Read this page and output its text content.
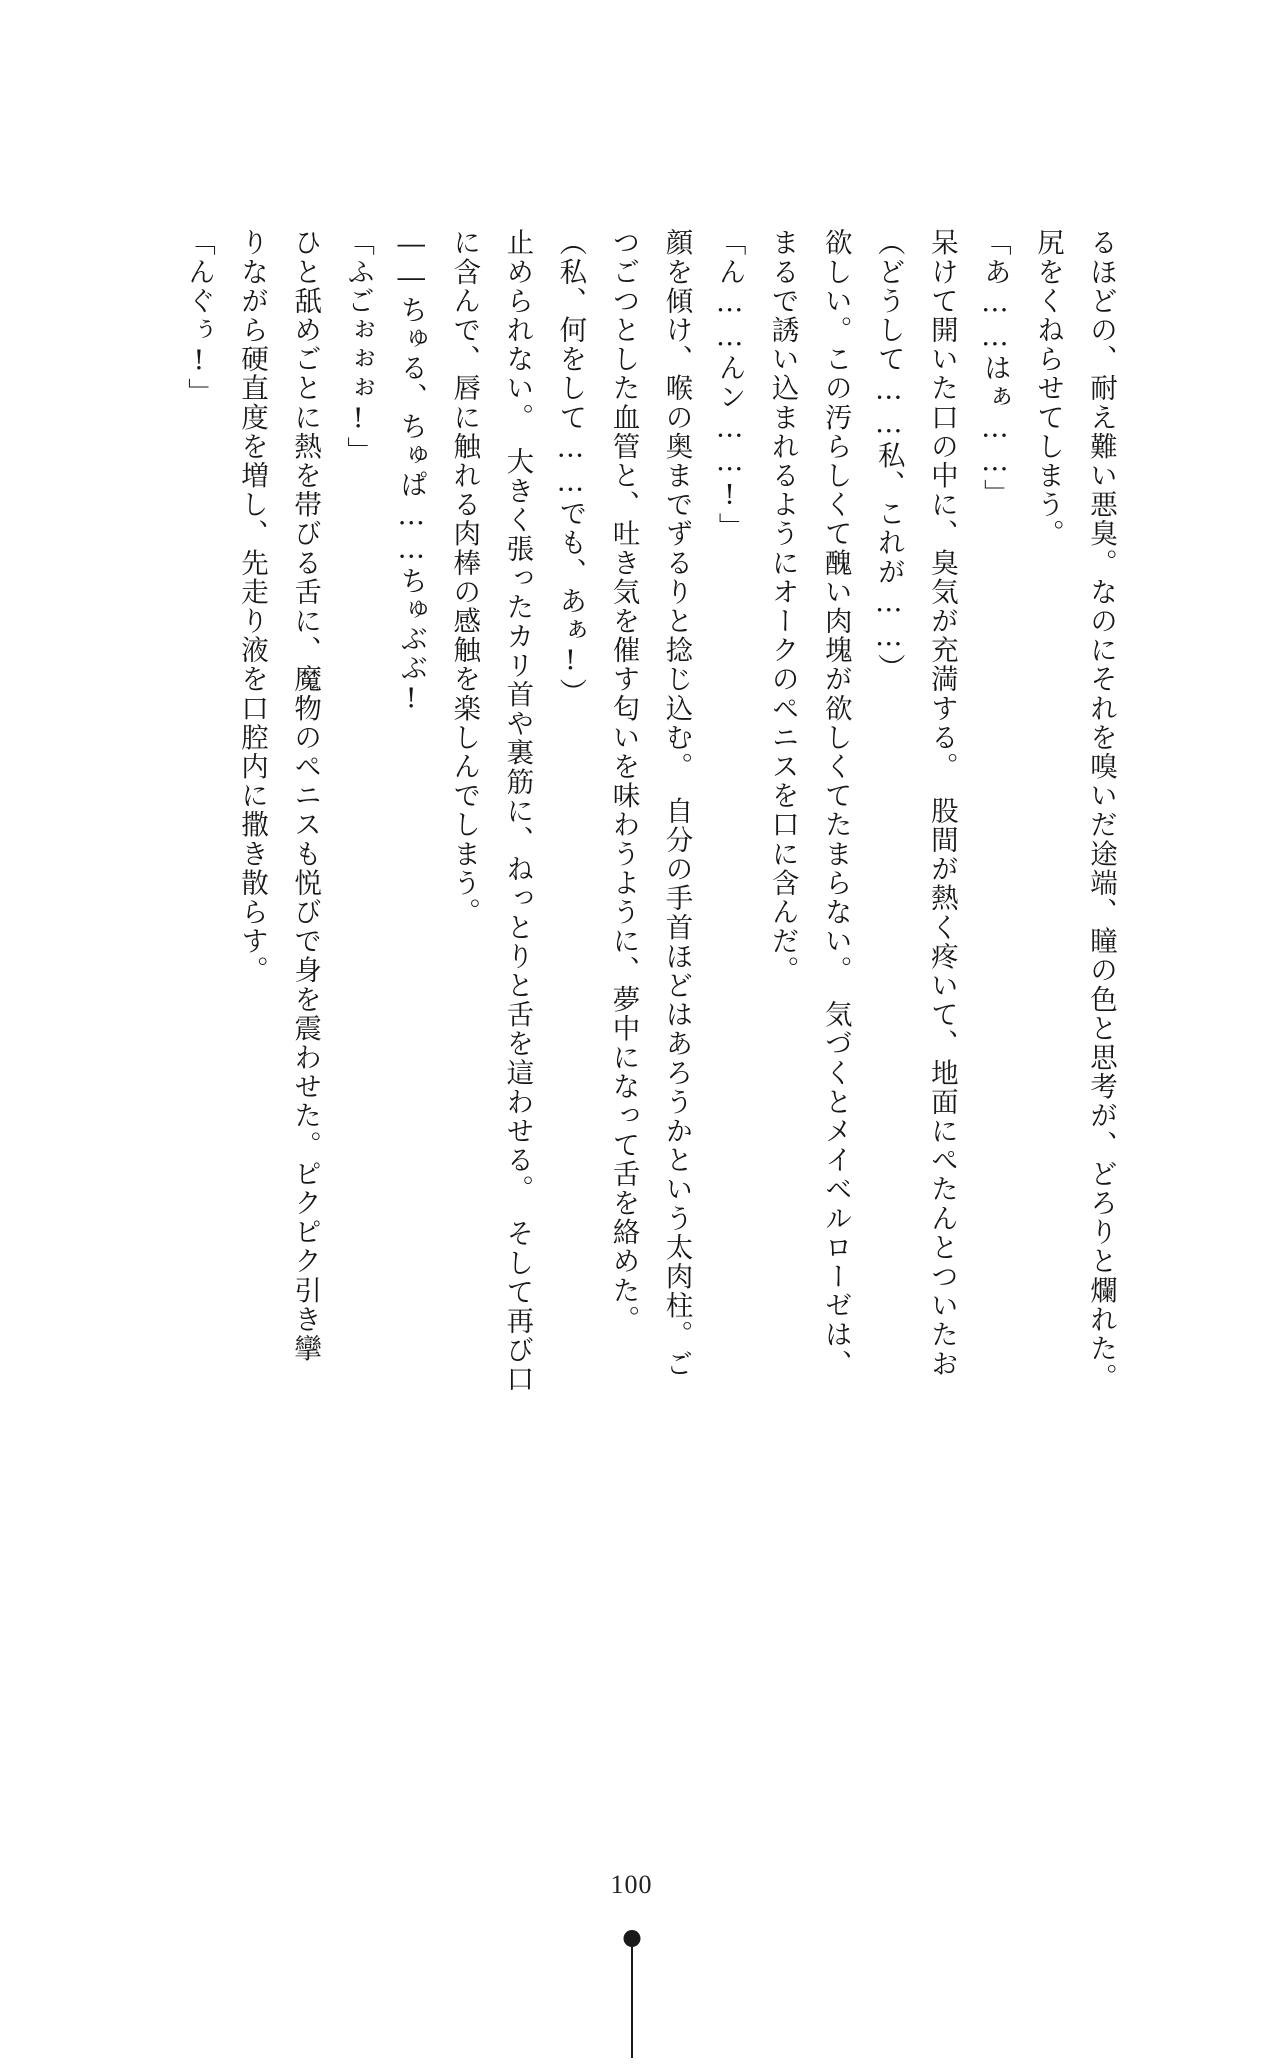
るほどの、耐え難い悪臭。なのにそれを嗅いだ途端、瞳の色と思考が、どろりと爛れた。

尻をくねらせてしまう。

「あ……はぁ……」

呆けて開いた口の中に、臭気が充満する。　股間が熱く疼いて、地面にぺたんとついたお

（どうして……私、これが……）

欲しい。この汚らしくて醜い肉塊が欲しくてたまらない。　気づくとメイベルローゼは、

まるで誘い込まれるようにオークのペニスを口に含んだ。

「ん……んン……!」

顔を傾け、喉の奥までずるりと捻じ込む。　自分の手首ほどはあろうかという太肉柱。ご

つごつとした血管と、吐き気を催す匂いを味わうように、夢中になって舌を絡めた。

（私、何をして……でも、あぁ!）

止められない。　大きく張ったカリ首や裏筋に、ねっとりと舌を這わせる。　そして再び口

に含んで、唇に触れる肉棒の感触を楽しんでしまう。

――ちゅる、ちゅぱ……ちゅぶぶ!

「ふごぉぉぉ!」

ひと舐めごとに熱を帯びる舌に、魔物のペニスも悦びで身を震わせた。ピクピク引き攣

りながら硬直度を増し、先走り液を口腔内に撒き散らす。

「んぐぅ!」

100
